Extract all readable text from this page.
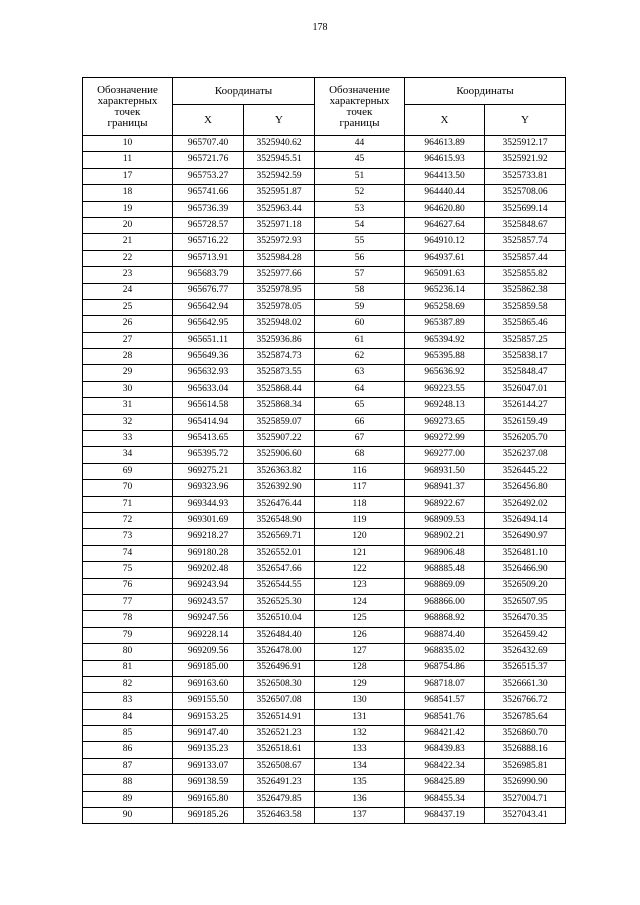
178
Обозначение
характерных
точек
границы	Координаты		Обозначение
характерных
точек
границы	Координаты	
	X	Y		X	Y
10	965707.40	3525940.62	44	964613.89	3525912.17
11	965721.76	3525945.51	45	964615.93	3525921.92
17	965753.27	3525942.59	51	964413.50	3525733.81
18	965741.66	3525951.87	52	964440.44	3525708.06
19	965736.39	3525963.44	53	964620.80	3525699.14
20	965728.57	3525971.18	54	964627.64	3525848.67
21	965716.22	3525972.93	55	964910.12	3525857.74
22	965713.91	3525984.28	56	964937.61	3525857.44
23	965683.79	3525977.66	57	965091.63	3525855.82
24	965676.77	3525978.95	58	965236.14	3525862.38
25	965642.94	3525978.05	59	965258.69	3525859.58
26	965642.95	3525948.02	60	965387.89	3525865.46
27	965651.11	3525936.86	61	965394.92	3525857.25
28	965649.36	3525874.73	62	965395.88	3525838.17
29	965632.93	3525873.55	63	965636.92	3525848.47
30	965633.04	3525868.44	64	969223.55	3526047.01
31	965614.58	3525868.34	65	969248.13	3526144.27
32	965414.94	3525859.07	66	969273.65	3526159.49
33	965413.65	3525907.22	67	969272.99	3526205.70
34	965395.72	3525906.60	68	969277.00	3526237.08
69	969275.21	3526363.82	116	968931.50	3526445.22
70	969323.96	3526392.90	117	968941.37	3526456.80
71	969344.93	3526476.44	118	968922.67	3526492.02
72	969301.69	3526548.90	119	968909.53	3526494.14
73	969218.27	3526569.71	120	968902.21	3526490.97
74	969180.28	3526552.01	121	968906.48	3526481.10
75	969202.48	3526547.66	122	968885.48	3526466.90
76	969243.94	3526544.55	123	968869.09	3526509.20
77	969243.57	3526525.30	124	968866.00	3526507.95
78	969247.56	3526510.04	125	968868.92	3526470.35
79	969228.14	3526484.40	126	968874.40	3526459.42
80	969209.56	3526478.00	127	968835.02	3526432.69
81	969185.00	3526496.91	128	968754.86	3526515.37
82	969163.60	3526508.30	129	968718.07	3526661.30
83	969155.50	3526507.08	130	968541.57	3526766.72
84	969153.25	3526514.91	131	968541.76	3526785.64
85	969147.40	3526521.23	132	968421.42	3526860.70
86	969135.23	3526518.61	133	968439.83	3526888.16
87	969133.07	3526508.67	134	968422.34	3526985.81
88	969138.59	3526491.23	135	968425.89	3526990.90
89	969165.80	3526479.85	136	968455.34	3527004.71
90	969185.26	3526463.58	137	968437.19	3527043.41
